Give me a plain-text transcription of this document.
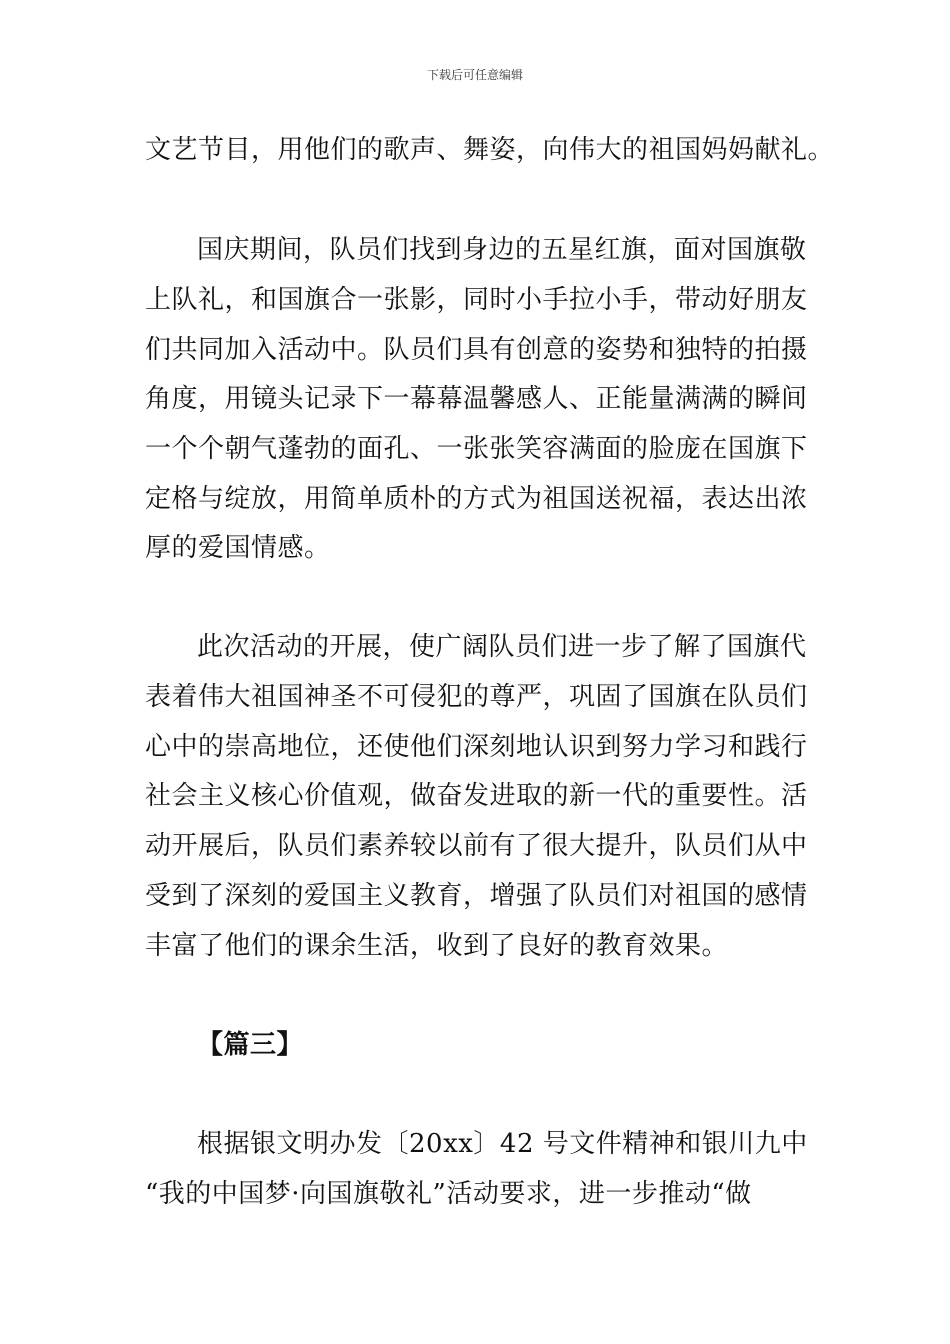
下载后可任意编辑
文艺节目，用他们的歌声、舞姿，向伟大的祖国妈妈献礼。
国庆期间，队员们找到身边的五星红旗，面对国旗敬
上队礼，和国旗合一张影，同时小手拉小手，带动好朋友
们共同加入活动中。队员们具有创意的姿势和独特的拍摄
角度，用镜头记录下一幕幕温馨感人、正能量满满的瞬间
一个个朝气蓬勃的面孔、一张张笑容满面的脸庞在国旗下
定格与绽放，用简单质朴的方式为祖国送祝福，表达出浓
厚的爱国情感。
此次活动的开展，使广阔队员们进一步了解了国旗代
表着伟大祖国神圣不可侵犯的尊严，巩固了国旗在队员们
心中的崇高地位，还使他们深刻地认识到努力学习和践行
社会主义核心价值观，做奋发进取的新一代的重要性。活
动开展后，队员们素养较以前有了很大提升，队员们从中
受到了深刻的爱国主义教育，增强了队员们对祖国的感情
丰富了他们的课余生活，收到了良好的教育效果。
【篇三】
根据银文明办发〔20xx〕42 号文件精神和银川九中
“我的中国梦·向国旗敬礼”活动要求，进一步推动“做
